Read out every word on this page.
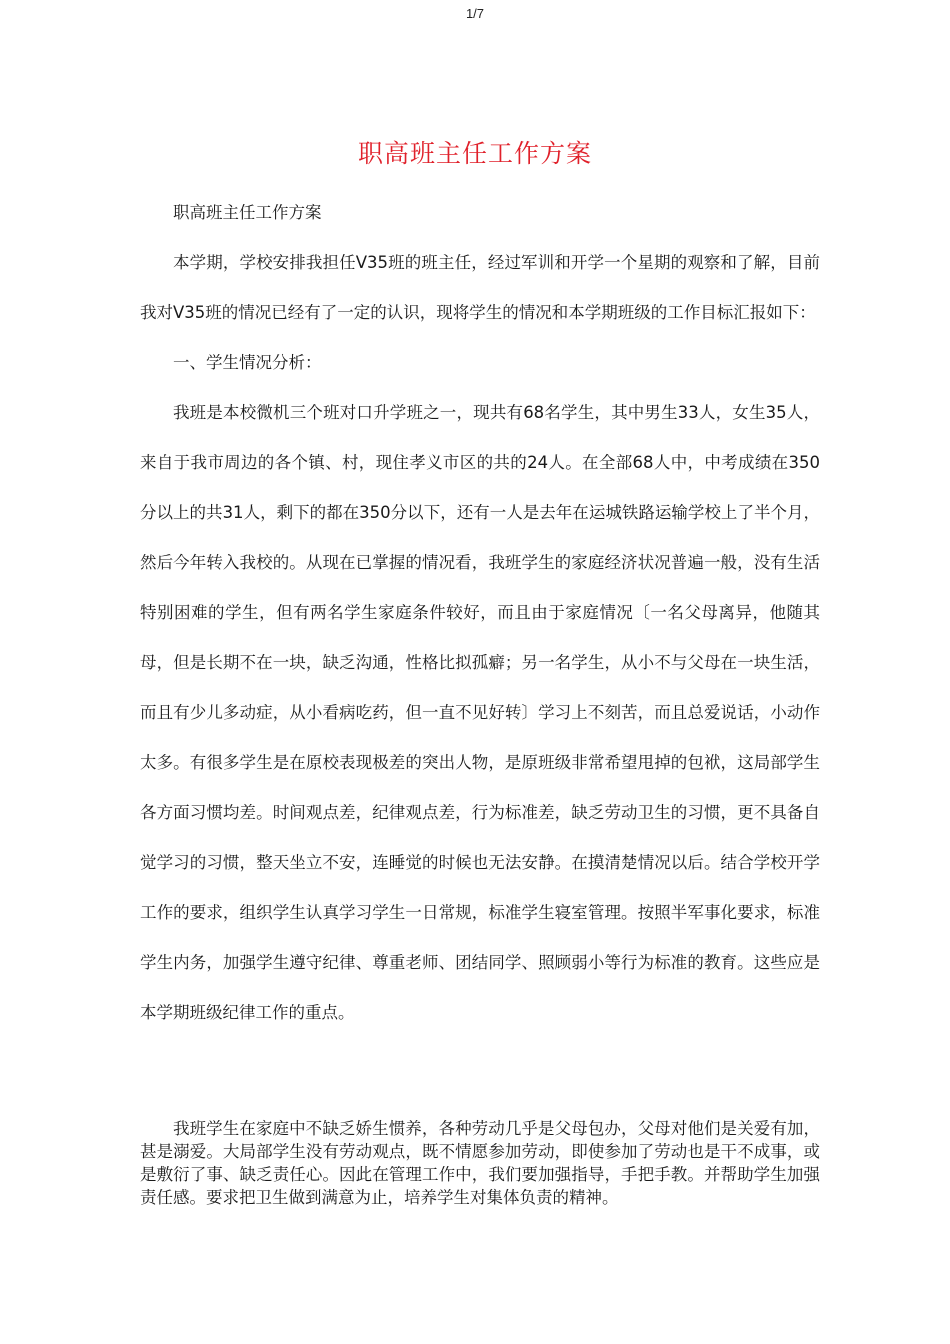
1/7
职高班主任工作方案

职高班主任工作方案

本学期，学校安排我担任V35班的班主任，经过军训和开学一个星期的观察和了解，目前我对V35班的情况已经有了一定的认识，现将学生的情况和本学期班级的工作目标汇报如下：

一、学生情况分析：

我班是本校微机三个班对口升学班之一，现共有68名学生，其中男生33人，女生35人，来自于我市周边的各个镇、村，现住孝义市区的共的24人。在全部68人中，中考成绩在350分以上的共31人，剩下的都在350分以下，还有一人是去年在运城铁路运输学校上了半个月，然后今年转入我校的。从现在已掌握的情况看，我班学生的家庭经济状况普遍一般，没有生活特别困难的学生，但有两名学生家庭条件较好，而且由于家庭情况〔一名父母离异，他随其母，但是长期不在一块，缺乏沟通，性格比拟孤癖；另一名学生，从小不与父母在一块生活，而且有少儿多动症，从小看病吃药，但一直不见好转〕学习上不刻苦，而且总爱说话，小动作太多。有很多学生是在原校表现极差的突出人物，是原班级非常希望甩掉的包袱，这局部学生各方面习惯均差。时间观点差，纪律观点差，行为标准差，缺乏劳动卫生的习惯，更不具备自觉学习的习惯，整天坐立不安，连睡觉的时候也无法安静。在摸清楚情况以后。结合学校开学工作的要求，组织学生认真学习学生一日常规，标准学生寝室管理。按照半军事化要求，标准学生内务，加强学生遵守纪律、尊重老师、团结同学、照顾弱小等行为标准的教育。这些应是本学期班级纪律工作的重点。

我班学生在家庭中不缺乏娇生惯养，各种劳动几乎是父母包办，父母对他们是关爱有加，甚是溺爱。大局部学生没有劳动观点，既不情愿参加劳动，即使参加了劳动也是干不成事，或是敷衍了事、缺乏责任心。因此在管理工作中，我们要加强指导，手把手教。并帮助学生加强责任感。要求把卫生做到满意为止，培养学生对集体负责的精神。
